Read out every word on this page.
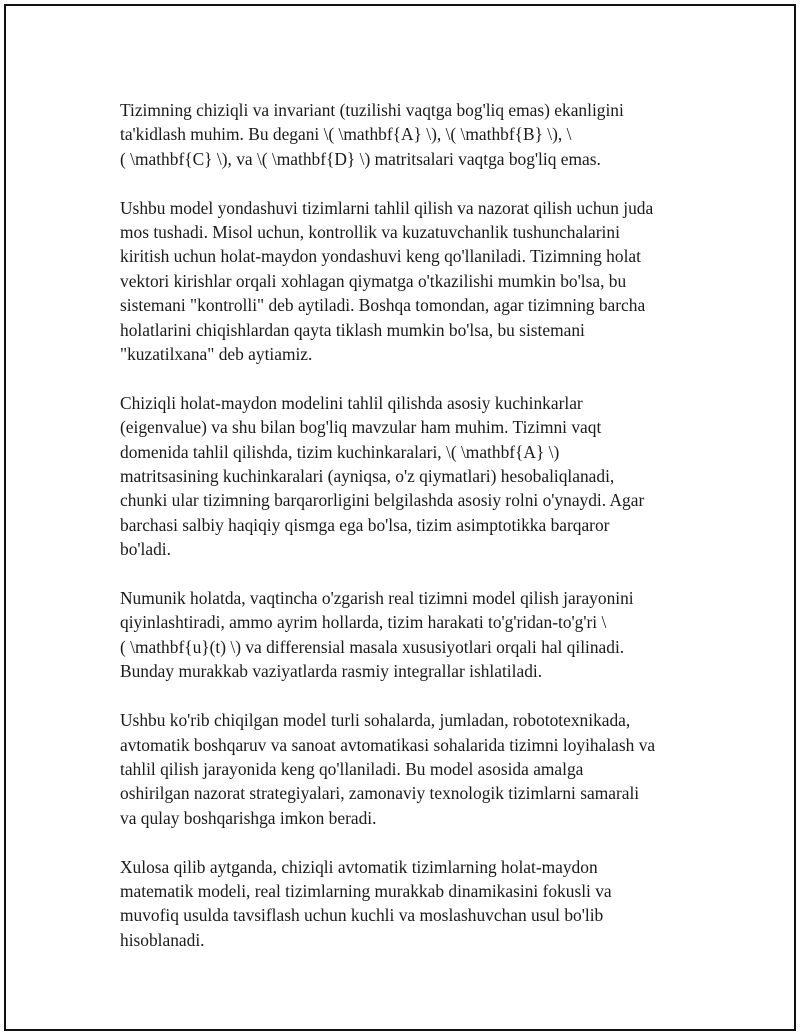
Tizimning chiziqli va invariant (tuzilishi vaqtga bog'liq emas) ekanligini
ta'kidlash muhim. Bu degani \( \mathbf{A} \), \( \mathbf{B} \), \
( \mathbf{C} \), va \( \mathbf{D} \) matritsalari vaqtga bog'liq emas.

Ushbu model yondashuvi tizimlarni tahlil qilish va nazorat qilish uchun juda
mos tushadi. Misol uchun, kontrollik va kuzatuvchanlik tushunchalarini
kiritish uchun holat-maydon yondashuvi keng qo'llaniladi. Tizimning holat
vektori kirishlar orqali xohlagan qiymatga o'tkazilishi mumkin bo'lsa, bu
sistemani "kontrolli" deb aytiladi. Boshqa tomondan, agar tizimning barcha
holatlarini chiqishlardan qayta tiklash mumkin bo'lsa, bu sistemani
"kuzatilxana" deb aytiamiz.

Chiziqli holat-maydon modelini tahlil qilishda asosiy kuchinkarlar
(eigenvalue) va shu bilan bog'liq mavzular ham muhim. Tizimni vaqt
domenida tahlil qilishda, tizim kuchinkaralari, \( \mathbf{A} \)
matritsasining kuchinkaralari (ayniqsa, o'z qiymatlari) hesobaliqlanadi,
chunki ular tizimning barqarorligini belgilashda asosiy rolni o'ynaydi. Agar
barchasi salbiy haqiqiy qismga ega bo'lsa, tizim asimptotikka barqaror
bo'ladi.

Numunik holatda, vaqtincha o'zgarish real tizimni model qilish jarayonini
qiyinlashtiradi, ammo ayrim hollarda, tizim harakati to'g'ridan-to'g'ri \
( \mathbf{u}(t) \) va differensial masala xususiyotlari orqali hal qilinadi.
Bunday murakkab vaziyatlarda rasmiy integrallar ishlatiladi.

Ushbu ko'rib chiqilgan model turli sohalarda, jumladan, robototexnikada,
avtomatik boshqaruv va sanoat avtomatikasi sohalarida tizimni loyihalash va
tahlil qilish jarayonida keng qo'llaniladi. Bu model asosida amalga
oshirilgan nazorat strategiyalari, zamonaviy texnologik tizimlarni samarali
va qulay boshqarishga imkon beradi.

Xulosa qilib aytganda, chiziqli avtomatik tizimlarning holat-maydon
matematik modeli, real tizimlarning murakkab dinamikasini fokusli va
muvofiq usulda tavsiflash uchun kuchli va moslashuvchan usul bo'lib
hisoblanadi.
